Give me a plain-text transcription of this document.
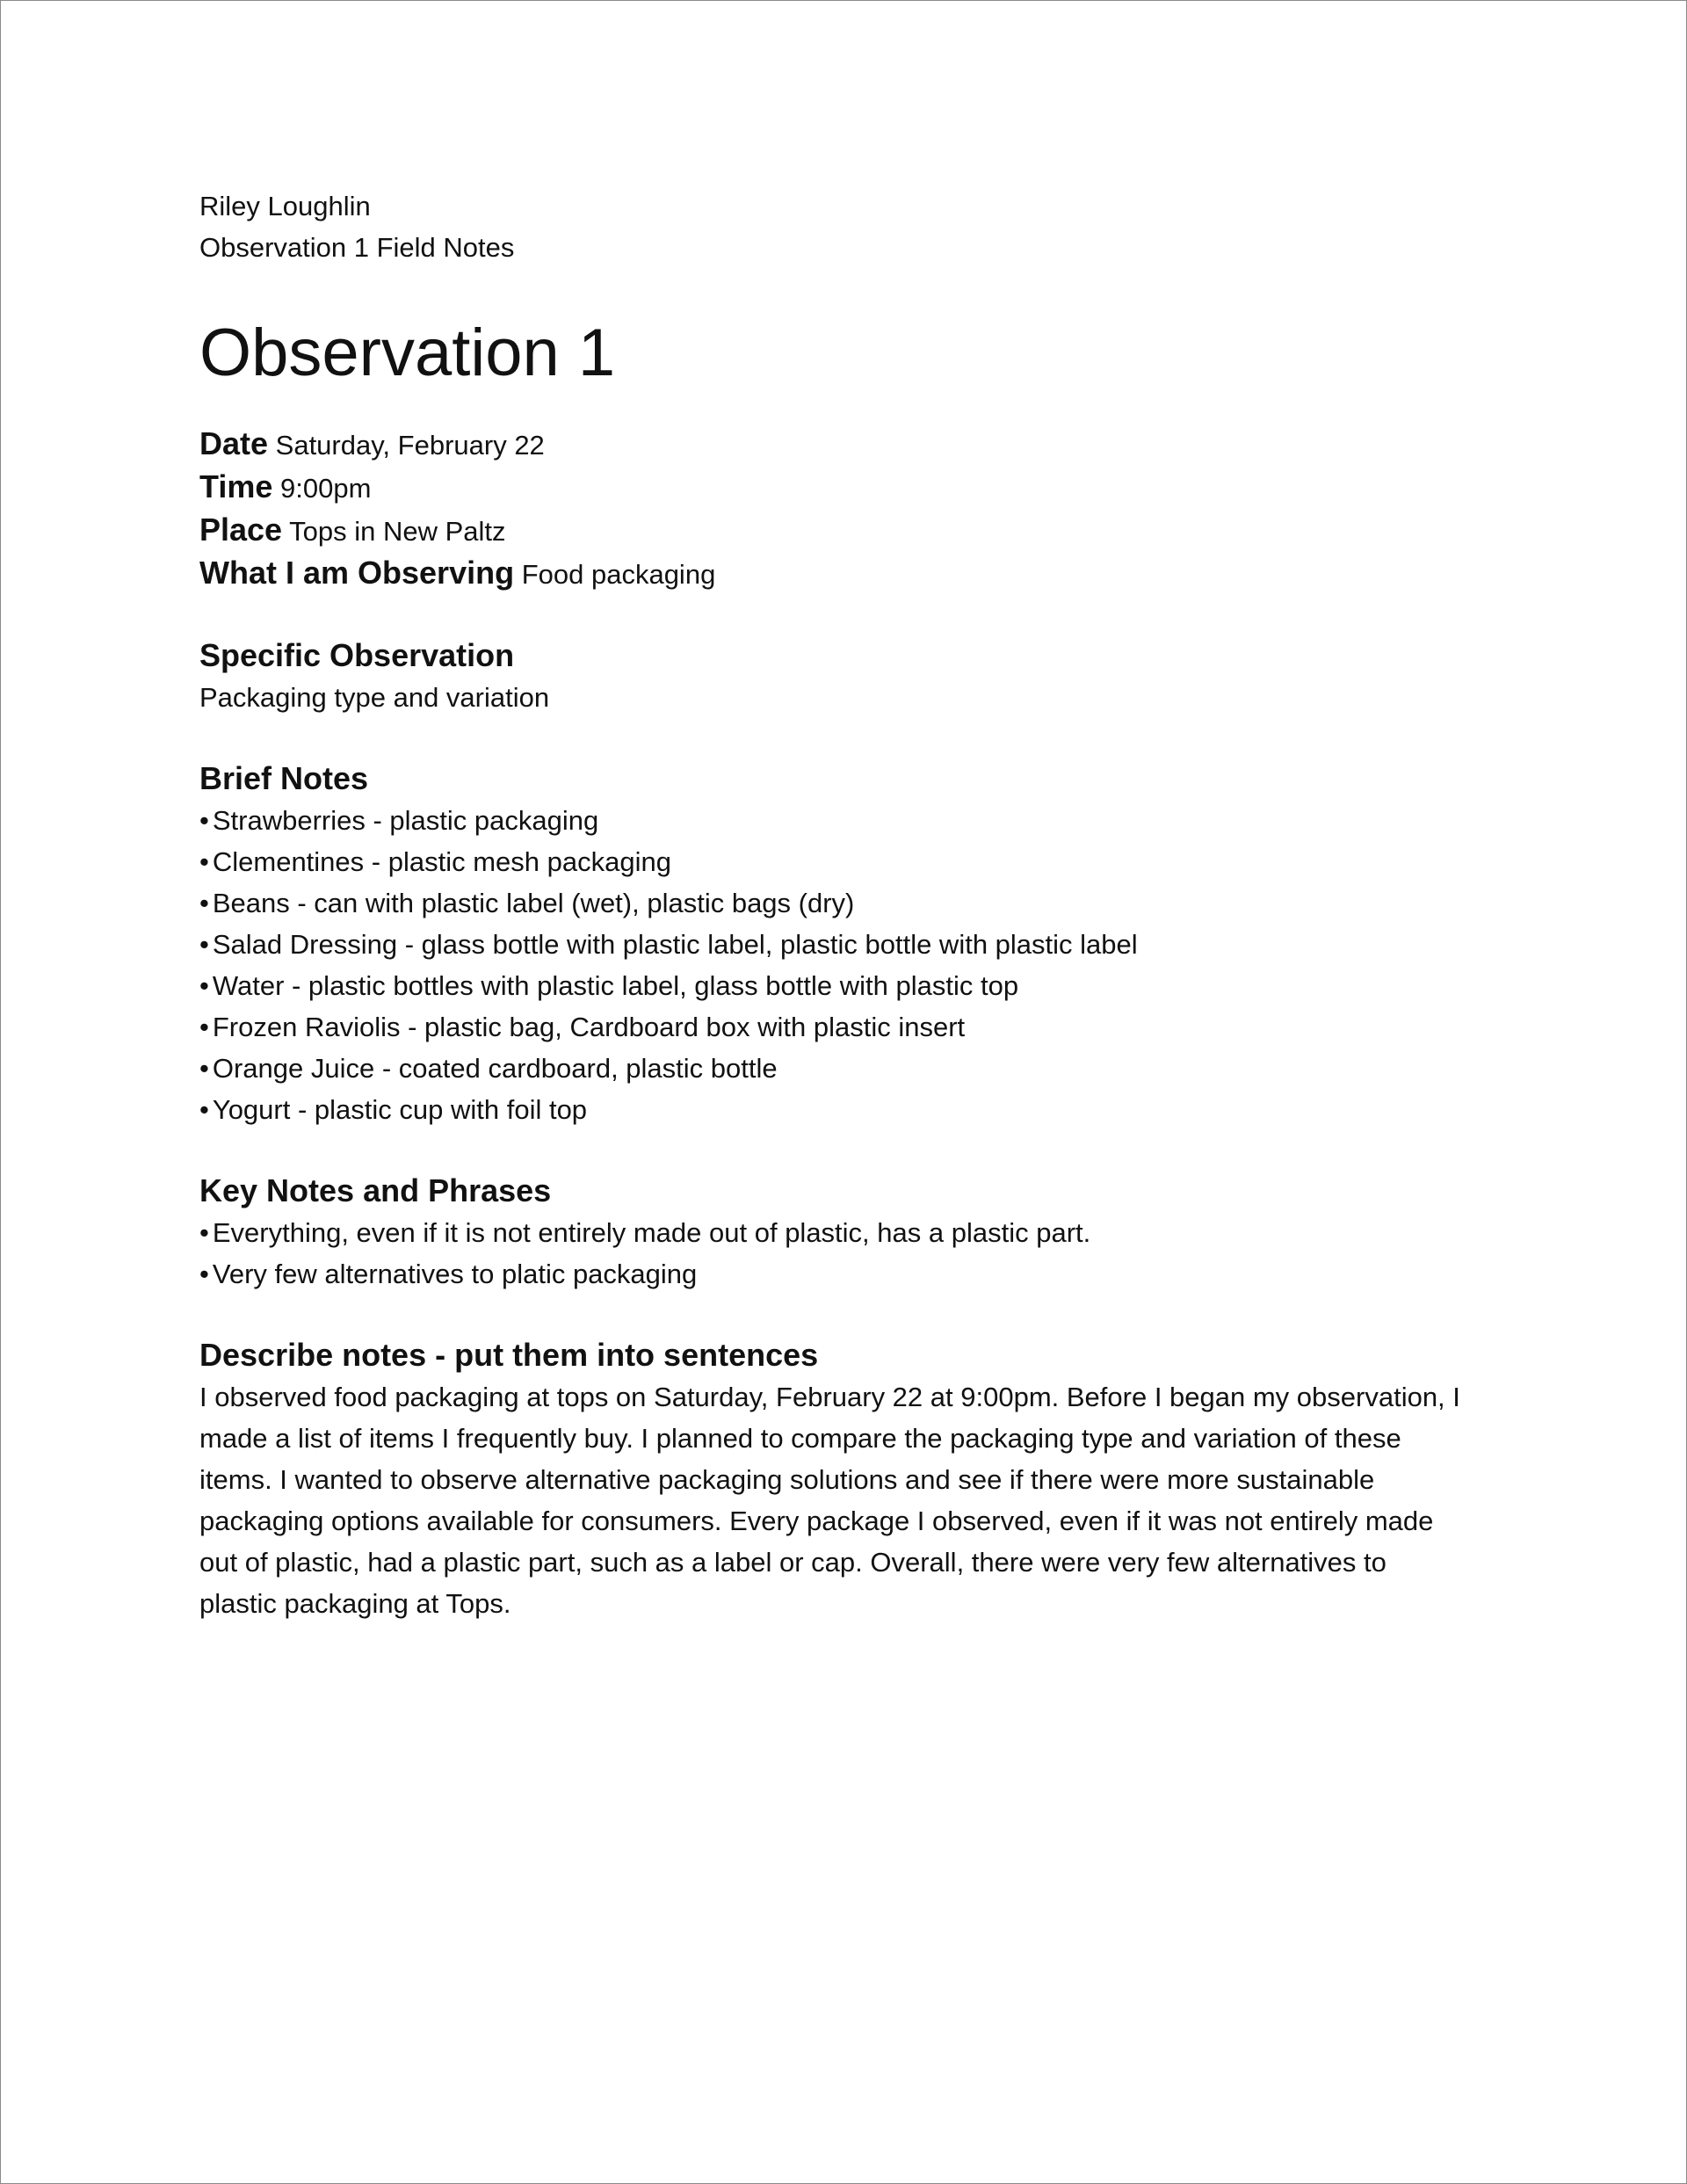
Riley Loughlin

Observation 1 Field Notes

Observation 1

Date Saturday, February 22

Time 9:00pm

Place Tops in New Paltz

What I am Observing Food packaging

Specific Observation

Packaging type and variation

Brief Notes
• Strawberries - plastic packaging
• Clementines - plastic mesh packaging
• Beans - can with plastic label (wet), plastic bags (dry)
• Salad Dressing - glass bottle with plastic label, plastic bottle with plastic label
• Water - plastic bottles with plastic label, glass bottle with plastic top
• Frozen Raviolis - plastic bag, Cardboard box with plastic insert
• Orange Juice - coated cardboard, plastic bottle
• Yogurt - plastic cup with foil top
Key Notes and Phrases
• Everything, even if it is not entirely made out of plastic, has a plastic part.
• Very few alternatives to platic packaging
Describe notes - put them into sentences
I observed food packaging at tops on Saturday, February 22 at 9:00pm. Before I began my observation, I
made a list of items I frequently buy. I planned to compare the packaging type and variation of these
items. I wanted to observe alternative packaging solutions and see if there were more sustainable
packaging options available for consumers. Every package I observed, even if it was not entirely made
out of plastic, had a plastic part, such as a label or cap. Overall, there were very few alternatives to
plastic packaging at Tops.
